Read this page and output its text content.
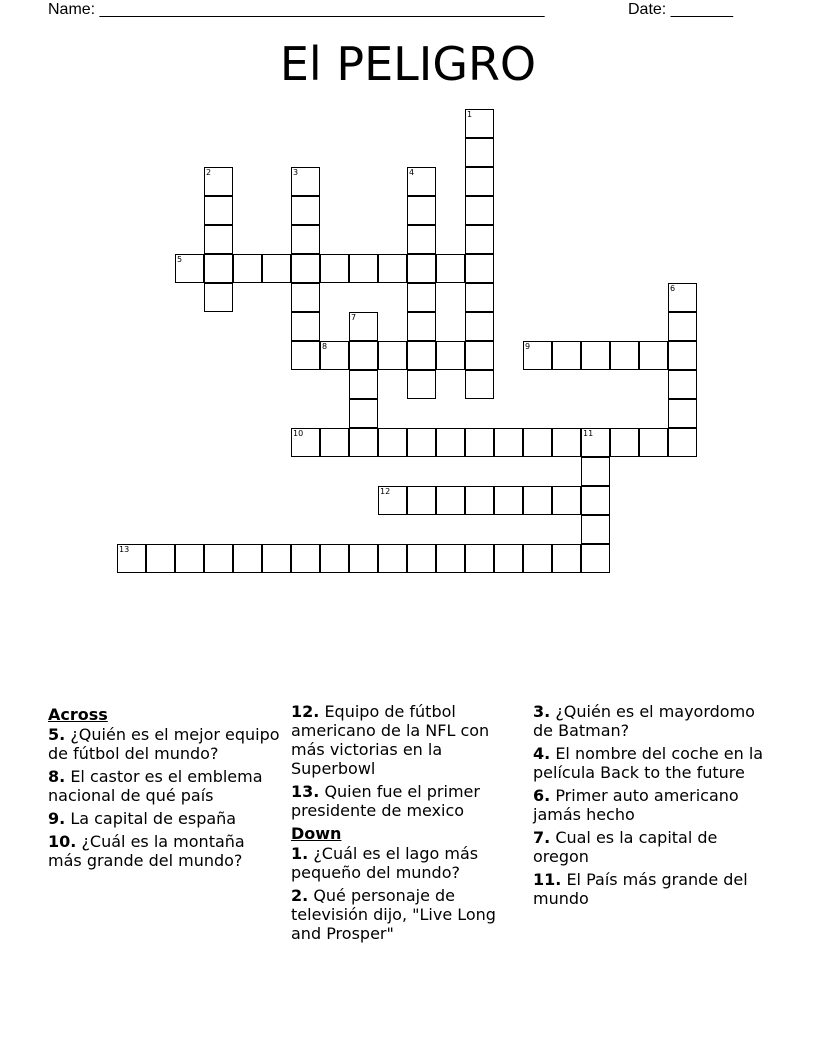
Name: __________________________________________________	Date: _______
El PELIGRO
1
2	3	4
5
6
7
8	9
10	11
12
13
Across
5. ¿Quién es el mejor equipo de fútbol del mundo?
8. El castor es el emblema nacional de qué país
9. La capital de españa
10. ¿Cuál es la montaña más grande del mundo?
12. Equipo de fútbol americano de la NFL con más victorias en la Superbowl
13. Quien fue el primer presidente de mexico
Down
1. ¿Cuál es el lago más pequeño del mundo?
2. Qué personaje de televisión dijo, "Live Long and Prosper"
3. ¿Quién es el mayordomo de Batman?
4. El nombre del coche en la película Back to the future
6. Primer auto americano jamás hecho
7. Cual es la capital de oregon
11. El País más grande del mundo
